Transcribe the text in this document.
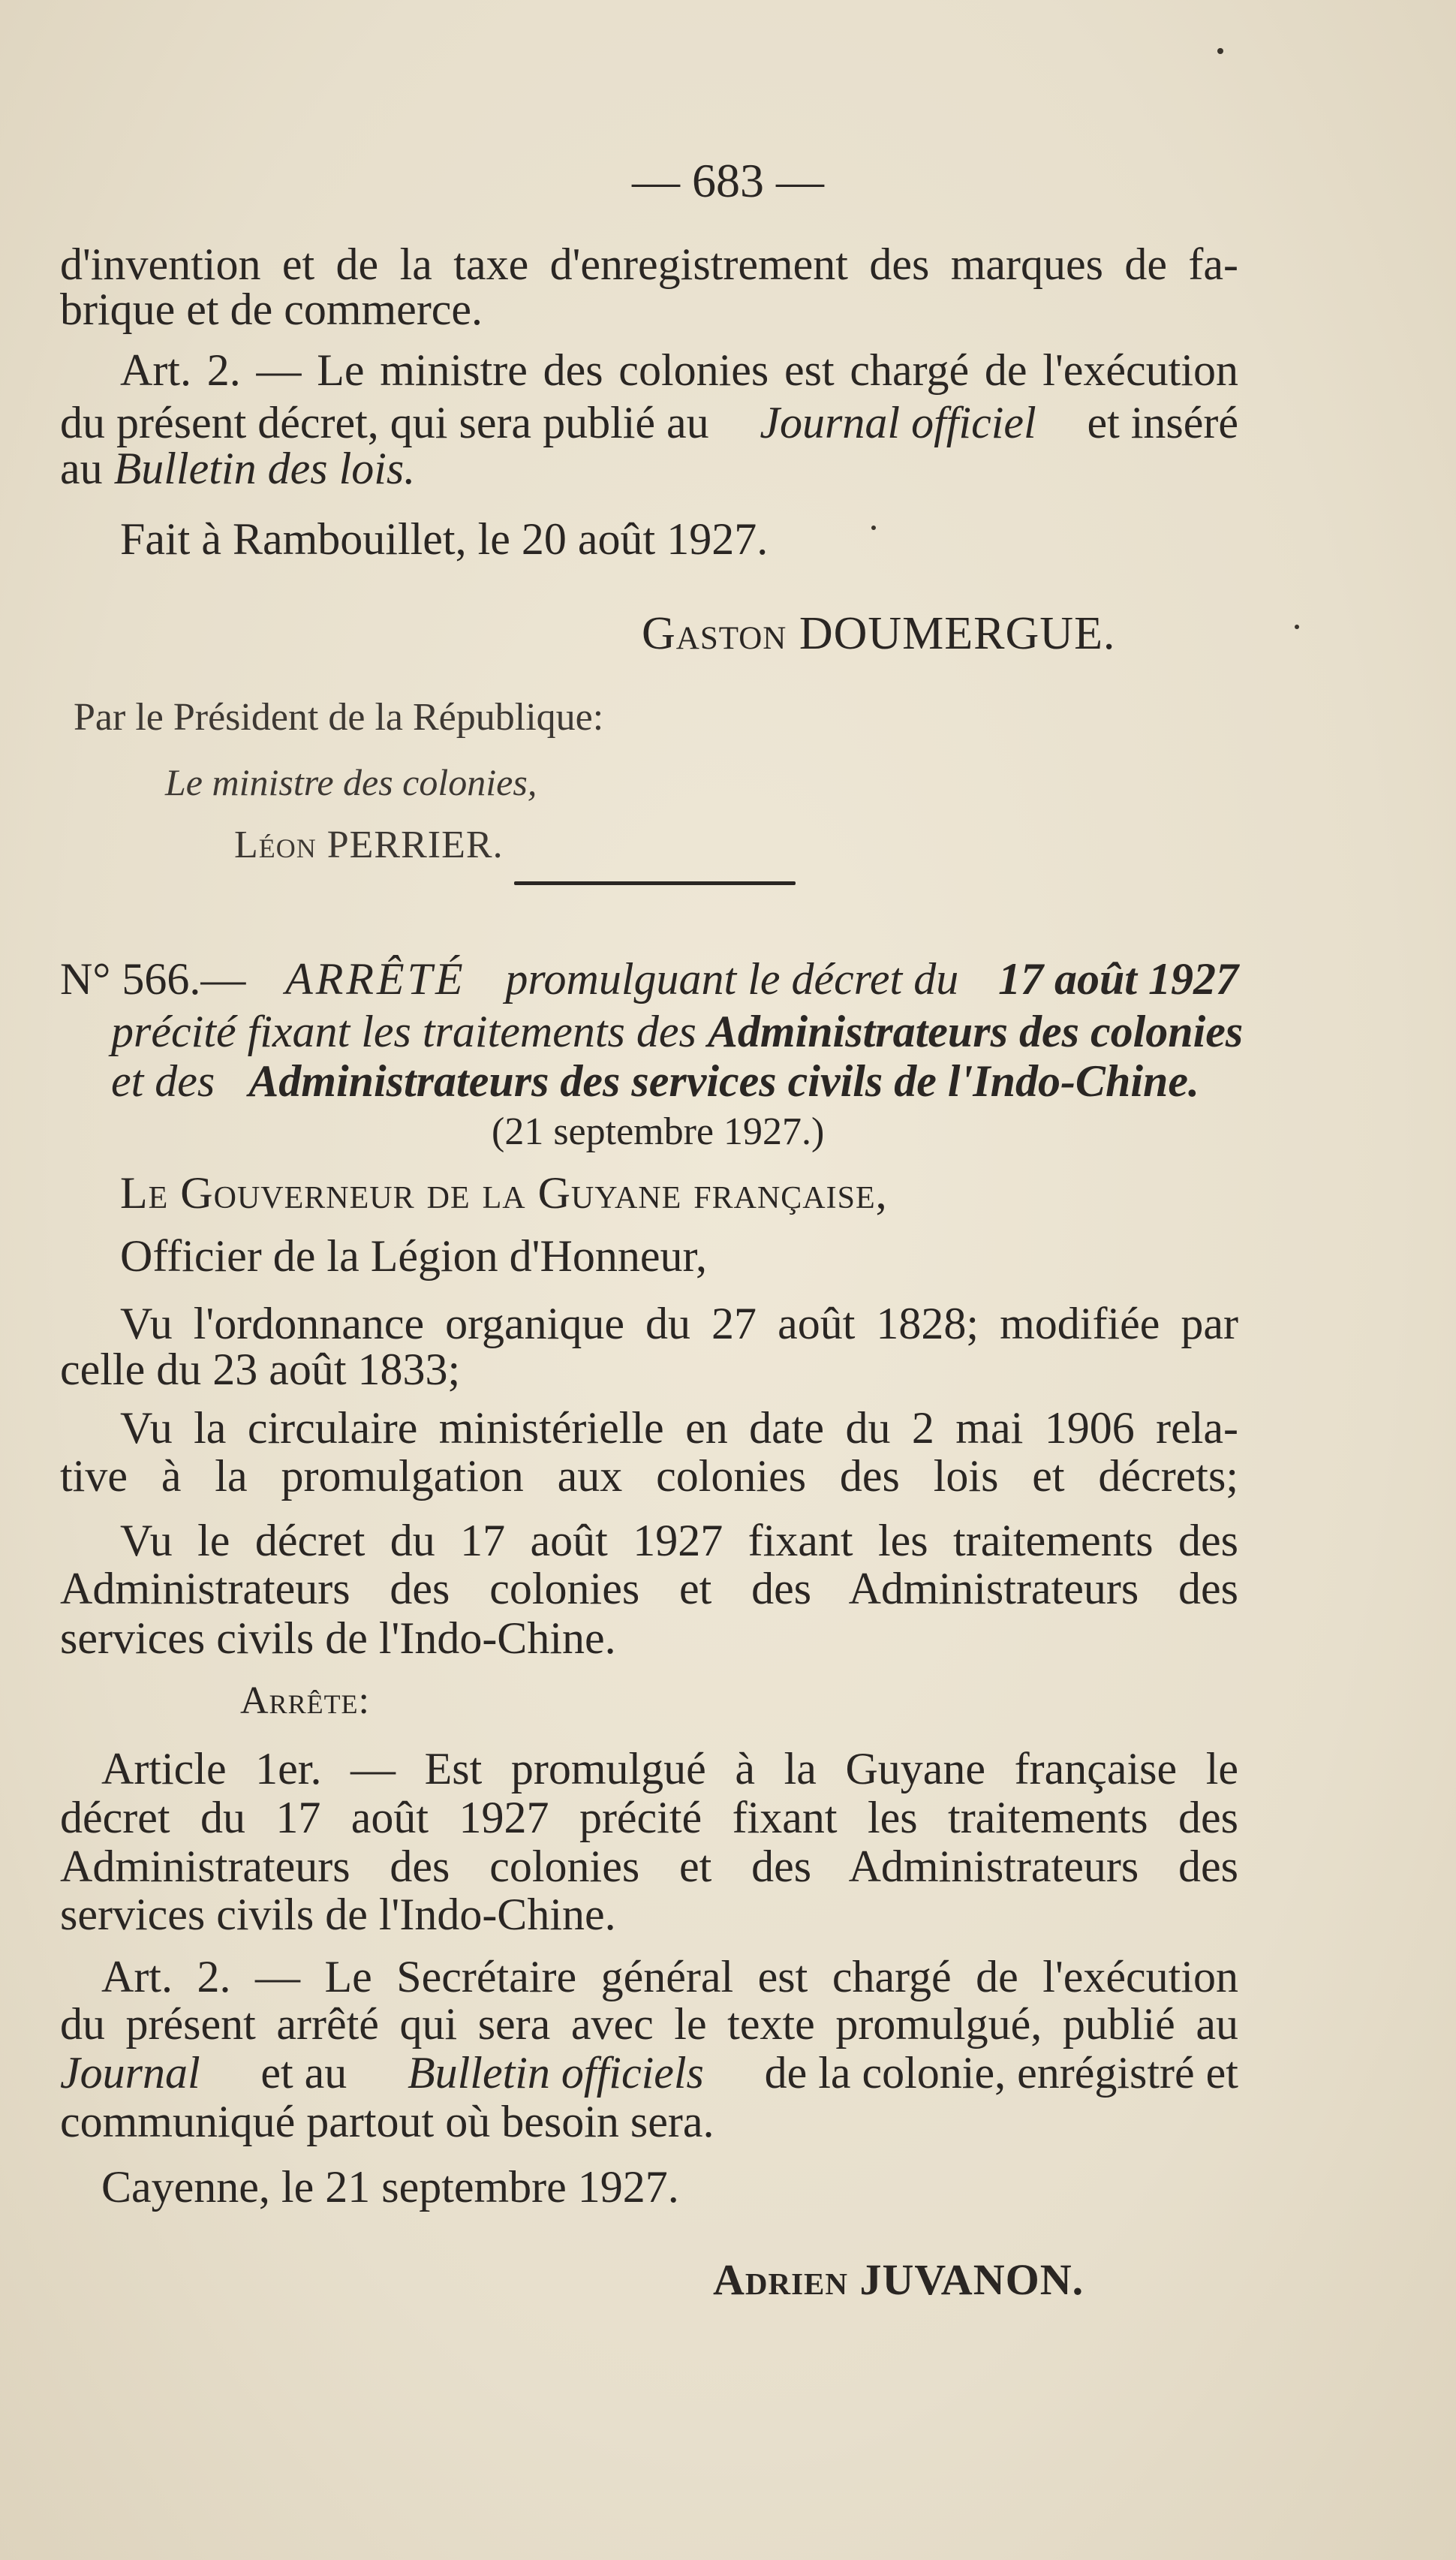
— 683 —
d'invention et de la taxe d'enregistrement des marques de fa-
brique et de commerce.
Art. 2. — Le ministre des colonies est chargé de l'exécution
du présent décret, qui sera publié au Journal officiel et inséré
au Bulletin des lois.
Fait à Rambouillet, le 20 août 1927.
Gaston DOUMERGUE.
Par le Président de la République:
Le ministre des colonies,
Léon PERRIER.
N° 566.— ARRÊTÉ promulguant le décret du 17 août 1927
précité fixant les traitements des Administrateurs des colonies
et des Administrateurs des services civils de l'Indo-Chine.
(21 septembre 1927.)
Le Gouverneur de la Guyane française,
Officier de la Légion d'Honneur,
Vu l'ordonnance organique du 27 août 1828; modifiée par
celle du 23 août 1833;
Vu la circulaire ministérielle en date du 2 mai 1906 rela-
tive à la promulgation aux colonies des lois et décrets;
Vu le décret du 17 août 1927 fixant les traitements des
Administrateurs des colonies et des Administrateurs des
services civils de l'Indo-Chine.
Arrête:
Article 1er. — Est promulgué à la Guyane française le
décret du 17 août 1927 précité fixant les traitements des
Administrateurs des colonies et des Administrateurs des
services civils de l'Indo-Chine.
Art. 2. — Le Secrétaire général est chargé de l'exécution
du présent arrêté qui sera avec le texte promulgué, publié au
Journal et au Bulletin officiels de la colonie, enrégistré et
communiqué partout où besoin sera.
Cayenne, le 21 septembre 1927.
Adrien JUVANON.
